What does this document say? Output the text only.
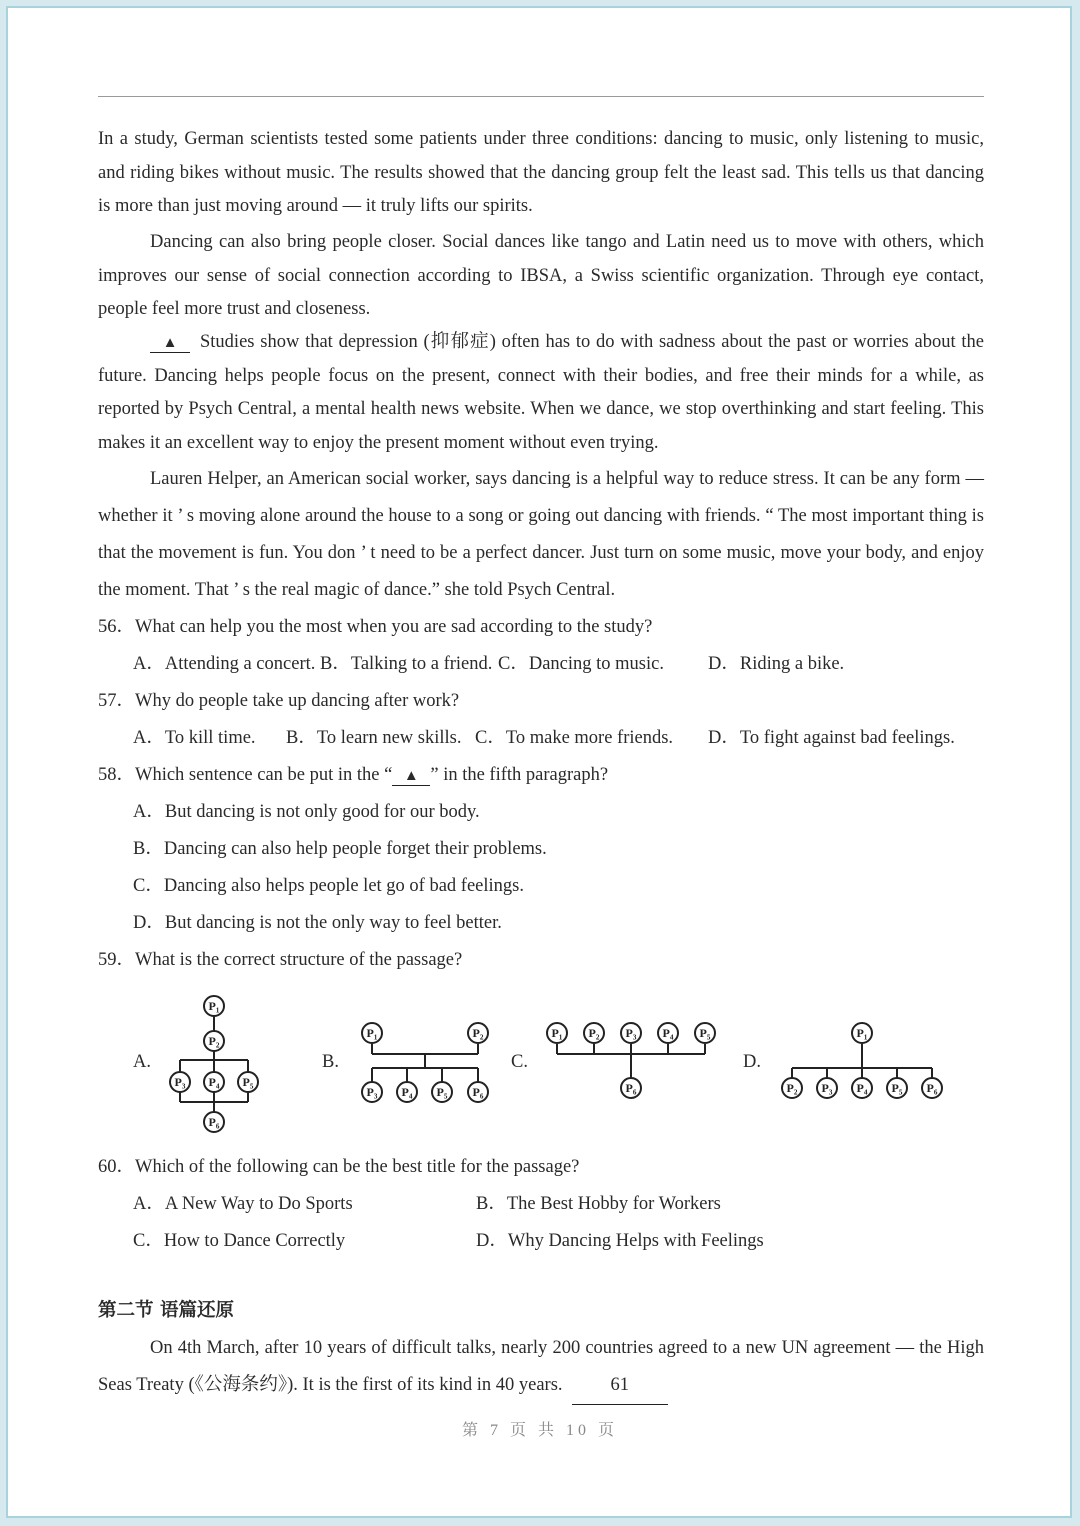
In a study, German scientists tested some patients under three conditions: dancing to music, only listening to music, and riding bikes without music. The results showed that the dancing group felt the least sad. This tells us that dancing is more than just moving around — it truly lifts our spirits.

Dancing can also bring people closer. Social dances like tango and Latin need us to move with others, which improves our sense of social connection according to IBSA, a Swiss scientific organization. Through eye contact, people feel more trust and closeness.

▲ Studies show that depression (抑郁症) often has to do with sadness about the past or worries about the future. Dancing helps people focus on the present, connect with their bodies, and free their minds for a while, as reported by Psych Central, a mental health news website. When we dance, we stop overthinking and start feeling. This makes it an excellent way to enjoy the present moment without even trying.

Lauren Helper, an American social worker, says dancing is a helpful way to reduce stress. It can be any form — whether it ’ s moving alone around the house to a song or going out dancing with friends. “ The most important thing is that the movement is fun. You don ’ t need to be a perfect dancer. Just turn on some music, move your body, and enjoy the moment. That ’ s the real magic of dance.” she told Psych Central.

56．What can help you the most when you are sad according to the study?
A．Attending a concert. B．Talking to a friend. C．Dancing to music. D．Riding a bike.
57．Why do people take up dancing after work?
A．To kill time. B．To learn new skills. C．To make more friends. D．To fight against bad feelings.
58．Which sentence can be put in the “ ▲ ” in the fifth paragraph?
A．But dancing is not only good for our body.
B．Dancing can also help people forget their problems.
C．Dancing also helps people let go of bad feelings.
D．But dancing is not the only way to feel better.
59．What is the correct structure of the passage?
P₁
P₂
P₃ P₄ P₅
P₆
P₁	P₂
P₃ P₄ P₅ P₆
P₁ P₂ P₃ P₄ P₅
P₆
P₁
P₂ P₃ P₄ P₅ P₆
A.	B.	C.	D.
60．Which of the following can be the best title for the passage?
A．A New Way to Do Sports	B．The Best Hobby for Workers
C．How to Dance Correctly	D．Why Dancing Helps with Feelings
第二节 语篇还原

On 4th March, after 10 years of difficult talks, nearly 200 countries agreed to a new UN agreement — the High Seas Treaty (《公海条约》). It is the first of its kind in 40 years.	61

第 7 页 共 10 页
